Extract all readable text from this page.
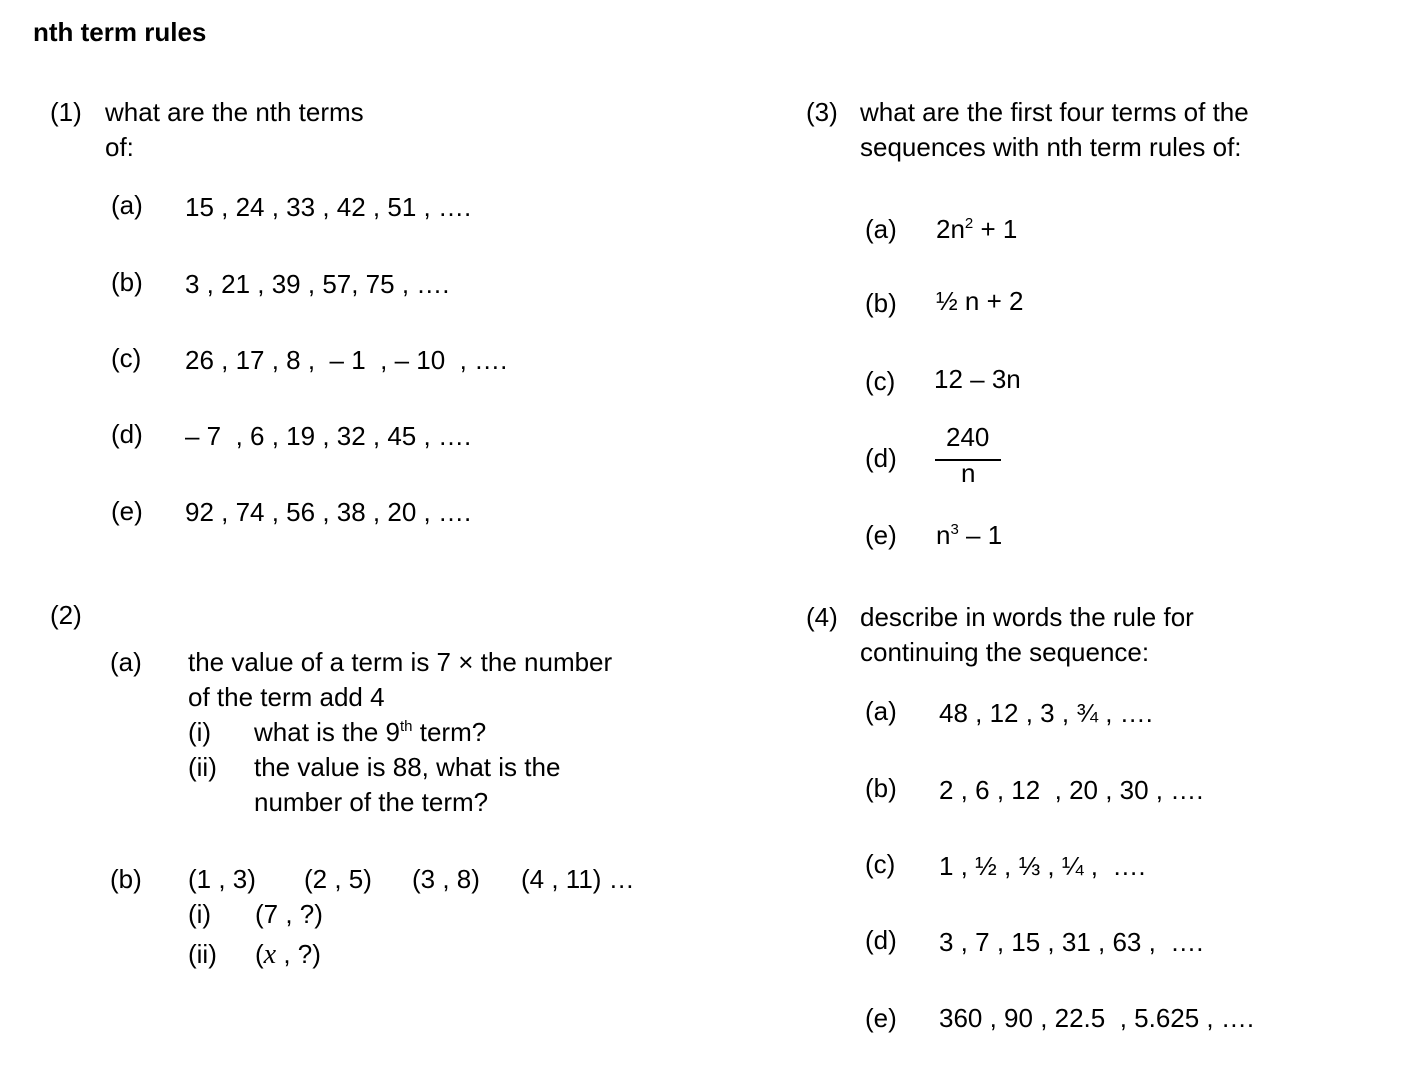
nth term rules
(1) what are the nth terms
of:
(a) 15 , 24 , 33 , 42 , 51 , ….
(b) 3 , 21 , 39 , 57, 75 , ….
(c) 26 , 17 , 8 ,  – 1  , – 10  , ….
(d) – 7  , 6 , 19 , 32 , 45 , ….
(e) 92 , 74 , 56 , 38 , 20 , ….
(2)
(a) the value of a term is 7 × the number
of the term add 4
(i) what is the 9th term?
(ii) the value is 88, what is the
number of the term?
(b) (1 , 3) (2 , 5) (3 , 8) (4 , 11) …
(i) (7 , ?)
(ii) (x , ?)
(3) what are the first four terms of the
sequences with nth term rules of:
(a) $2n^2 + 1$
(b) ½ n + 2
(c) 12 – 3n
(d)
240
n
(e) $n^3 - 1$
(4) describe in words the rule for
continuing the sequence:
(a) 48 , 12 , 3 , ¾ , ….
(b) 2 , 6 , 12  , 20 , 30 , ….
(c) 1 , ½ , ⅓ , ¼ ,  ….
(d) 3 , 7 , 15 , 31 , 63 ,  ….
(e) 360 , 90 , 22.5  , 5.625 , ….
